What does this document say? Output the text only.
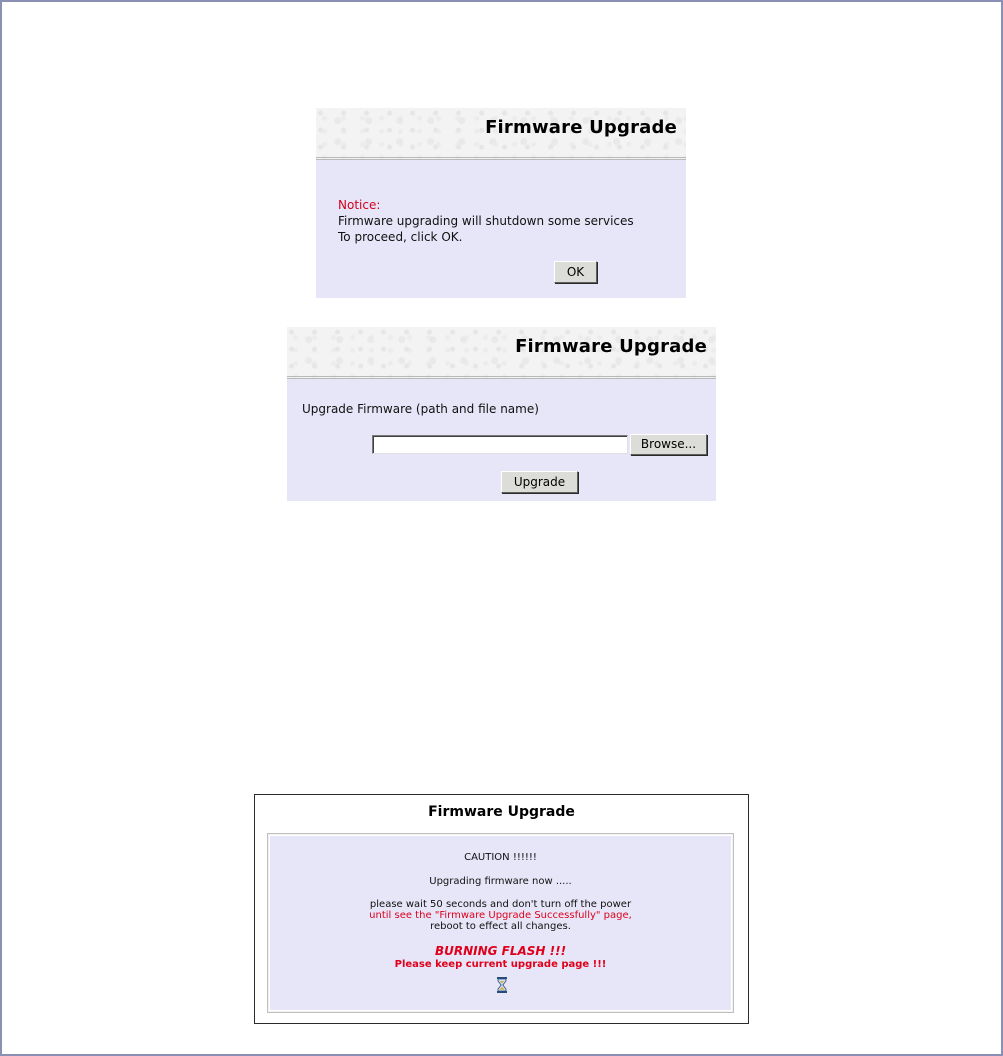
Firmware Upgrade
Notice:
Firmware upgrading will shutdown some services
To proceed, click OK.
OK
Firmware Upgrade
Upgrade Firmware (path and file name)
Browse...
Upgrade
Firmware Upgrade
CAUTION !!!!!!
Upgrading firmware now .....
please wait 50 seconds and don't turn off the power
until see the "Firmware Upgrade Successfully" page,
reboot to effect all changes.
BURNING FLASH !!!
Please keep current upgrade page !!!
